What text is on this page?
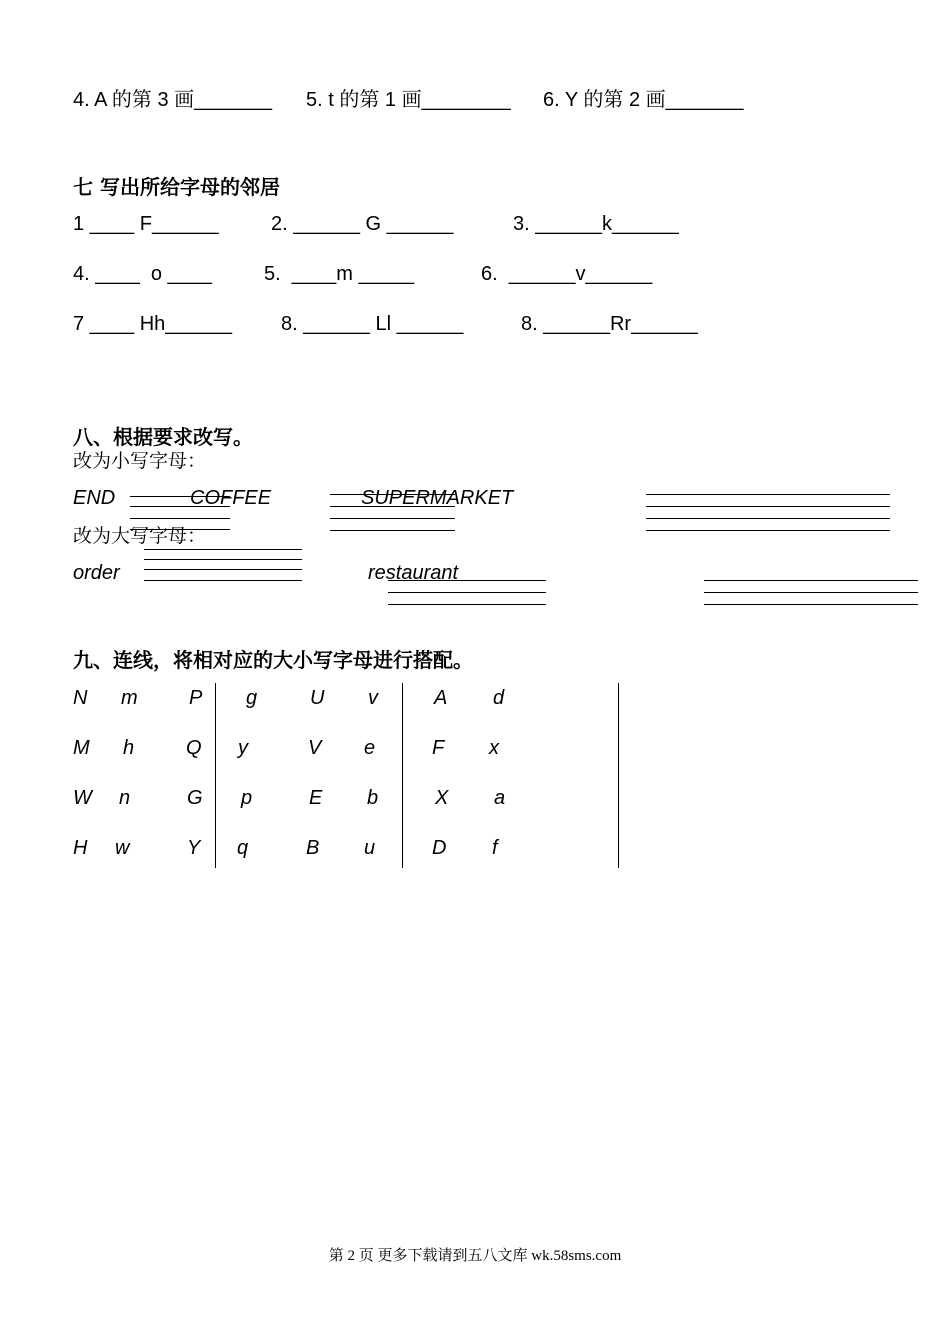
4. A 的第 3 画_______ 5. t 的第 1 画________ 6. Y 的第 2 画_______
七 写出所给字母的邻居
1 ____ F______	2. ______ G ______	3. ______k______
4. ____  o ____	5.  ____m _____	6.  ______v______
7 ____ Hh______ 8. ______ Ll ______	8. ______Rr______
八、根据要求改写。
改为小写字母：
END	COFFEE	SUPERMARKET
改为大写字母：
order	restaurant
九、连线，将相对应的大小写字母进行搭配。
N m	P g	U v	A d
M h	Q y	V e	F x
W n	G p	E b	X a
H w	Y q	B u	D f
第 2 页 更多下载请到五八文库 wk.58sms.com
